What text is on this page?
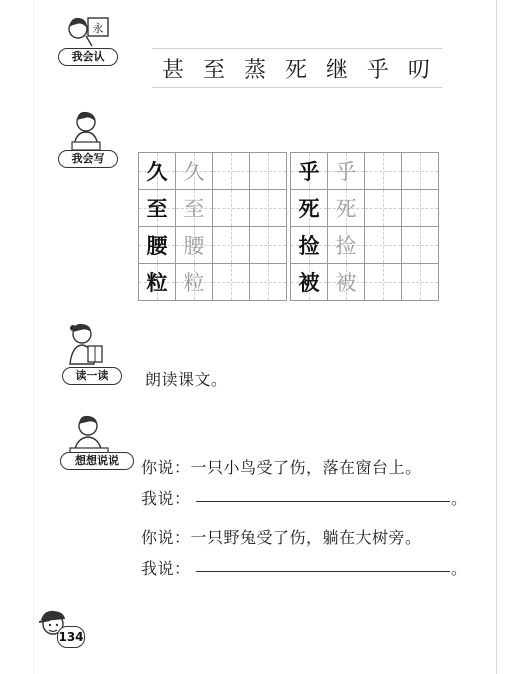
永
我会认
甚 至 蒸 死 继 乎 叨
我会写
久 久
至 至
腰 腰
粒 粒
乎 乎
死 死
捡 捡
被 被
读一读	朗读课文。
想想说说	你说：一只小鸟受了伤，落在窗台上。
我说：	。
你说：一只野兔受了伤，躺在大树旁。
我说：	。
134
